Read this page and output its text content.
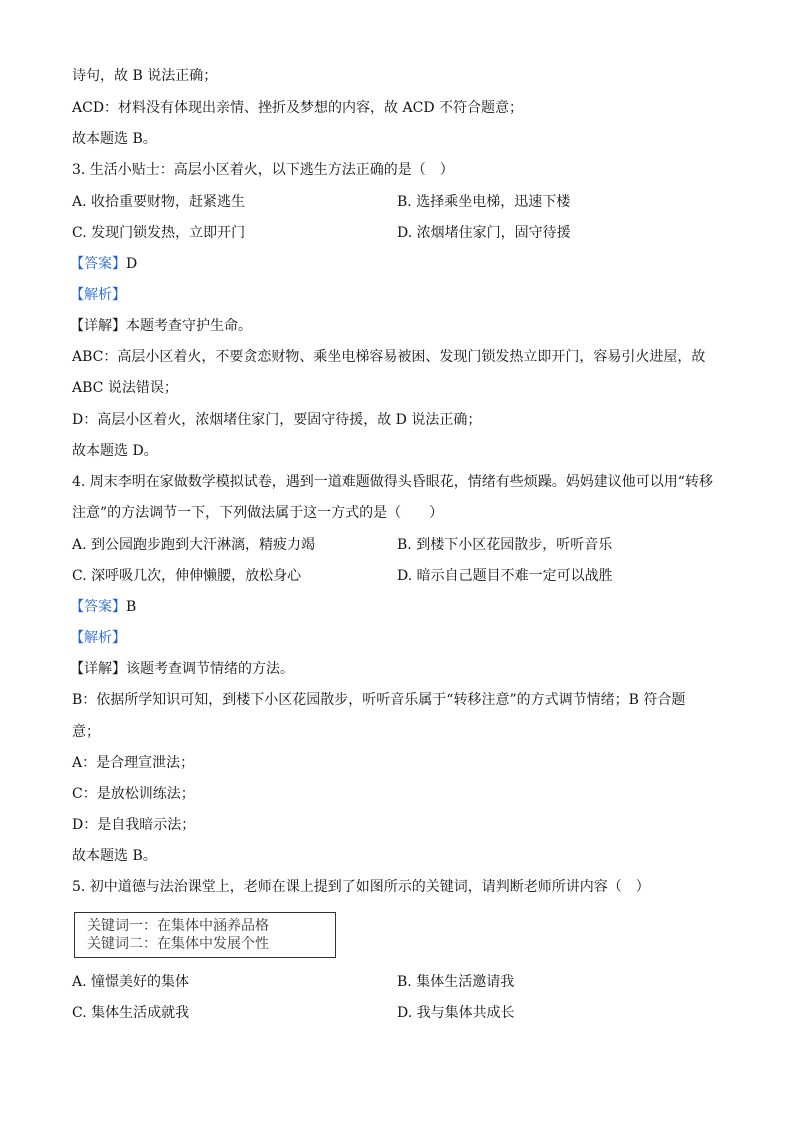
诗句，故 B 说法正确；
ACD：材料没有体现出亲情、挫折及梦想的内容，故 ACD 不符合题意；
故本题选 B。
3. 生活小贴士：高层小区着火，以下逃生方法正确的是（　）
A. 收拾重要财物，赶紧逃生	B. 选择乘坐电梯，迅速下楼
C. 发现门锁发热，立即开门	D. 浓烟堵住家门，固守待援
【答案】D
【解析】
【详解】本题考查守护生命。
ABC：高层小区着火，不要贪恋财物、乘坐电梯容易被困、发现门锁发热立即开门，容易引火进屋，故
ABC 说法错误；
D：高层小区着火，浓烟堵住家门，要固守待援，故 D 说法正确；
故本题选 D。
4. 周末李明在家做数学模拟试卷，遇到一道难题做得头昏眼花，情绪有些烦躁。妈妈建议他可以用“转移
注意”的方法调节一下，下列做法属于这一方式的是（　　）
A. 到公园跑步跑到大汗淋漓，精疲力竭	B. 到楼下小区花园散步，听听音乐
C. 深呼吸几次，伸伸懒腰，放松身心	D. 暗示自己题目不难一定可以战胜
【答案】B
【解析】
【详解】该题考查调节情绪的方法。
B：依据所学知识可知，到楼下小区花园散步，听听音乐属于“转移注意”的方式调节情绪；B 符合题
意；
A：是合理宣泄法；
C：是放松训练法；
D：是自我暗示法；
故本题选 B。
5. 初中道德与法治课堂上，老师在课上提到了如图所示的关键词，请判断老师所讲内容（　）
关键词一：在集体中涵养品格
关键词二：在集体中发展个性
A. 憧憬美好的集体	B. 集体生活邀请我
C. 集体生活成就我	D. 我与集体共成长
